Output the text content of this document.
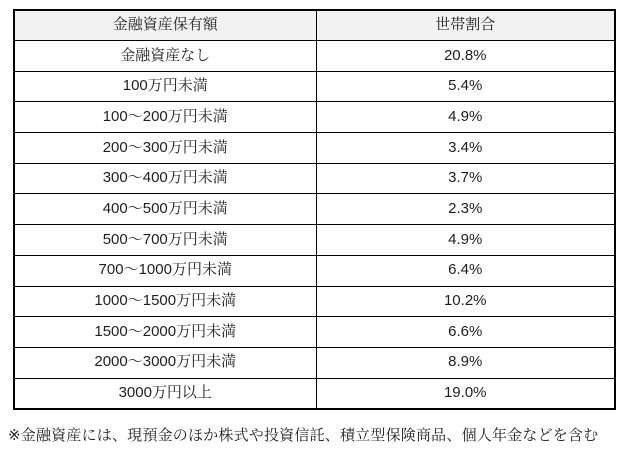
金融資産保有額	世帯割合
金融資産なし	20.8%
100万円未満	5.4%
100〜200万円未満	4.9%
200〜300万円未満	3.4%
300〜400万円未満	3.7%
400〜500万円未満	2.3%
500〜700万円未満	4.9%
700〜1000万円未満	6.4%
1000〜1500万円未満	10.2%
1500〜2000万円未満	6.6%
2000〜3000万円未満	8.9%
3000万円以上	19.0%
※金融資産には、現預金のほか株式や投資信託、積立型保険商品、個人年金などを含む
